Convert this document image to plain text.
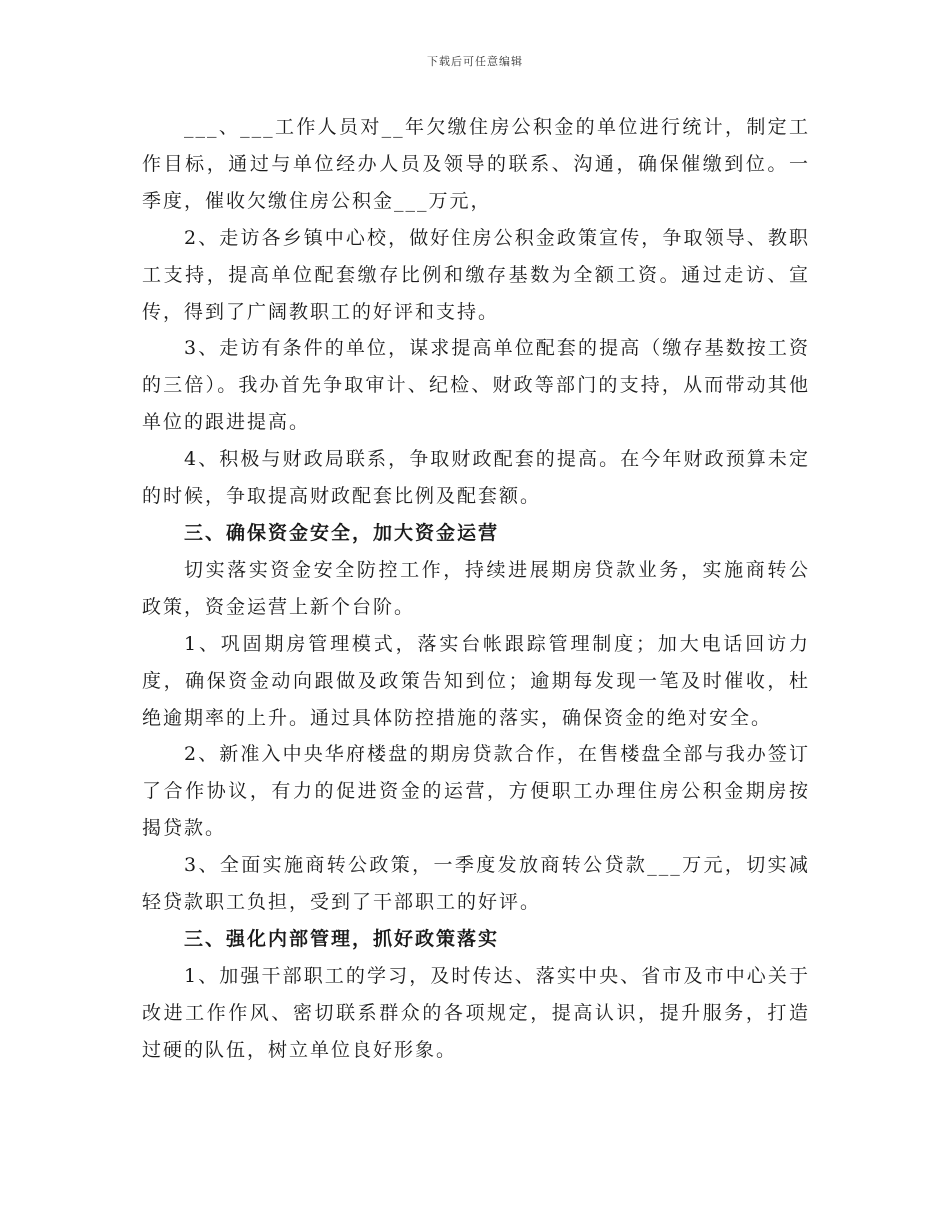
下载后可任意编辑

___、___工作人员对__年欠缴住房公积金的单位进行统计，制定工作目标，通过与单位经办人员及领导的联系、沟通，确保催缴到位。一季度，催收欠缴住房公积金___万元，

2、走访各乡镇中心校，做好住房公积金政策宣传，争取领导、教职工支持，提高单位配套缴存比例和缴存基数为全额工资。通过走访、宣传，得到了广阔教职工的好评和支持。

3、走访有条件的单位，谋求提高单位配套的提高（缴存基数按工资的三倍）。我办首先争取审计、纪检、财政等部门的支持，从而带动其他单位的跟进提高。

4、积极与财政局联系，争取财政配套的提高。在今年财政预算未定的时候，争取提高财政配套比例及配套额。

三、确保资金安全，加大资金运营

切实落实资金安全防控工作，持续进展期房贷款业务，实施商转公政策，资金运营上新个台阶。

1、巩固期房管理模式，落实台帐跟踪管理制度；加大电话回访力度，确保资金动向跟做及政策告知到位；逾期每发现一笔及时催收，杜绝逾期率的上升。通过具体防控措施的落实，确保资金的绝对安全。

2、新准入中央华府楼盘的期房贷款合作，在售楼盘全部与我办签订了合作协议，有力的促进资金的运营，方便职工办理住房公积金期房按揭贷款。

3、全面实施商转公政策，一季度发放商转公贷款___万元，切实减轻贷款职工负担，受到了干部职工的好评。

三、强化内部管理，抓好政策落实

1、加强干部职工的学习，及时传达、落实中央、省市及市中心关于改进工作作风、密切联系群众的各项规定，提高认识，提升服务，打造过硬的队伍，树立单位良好形象。
